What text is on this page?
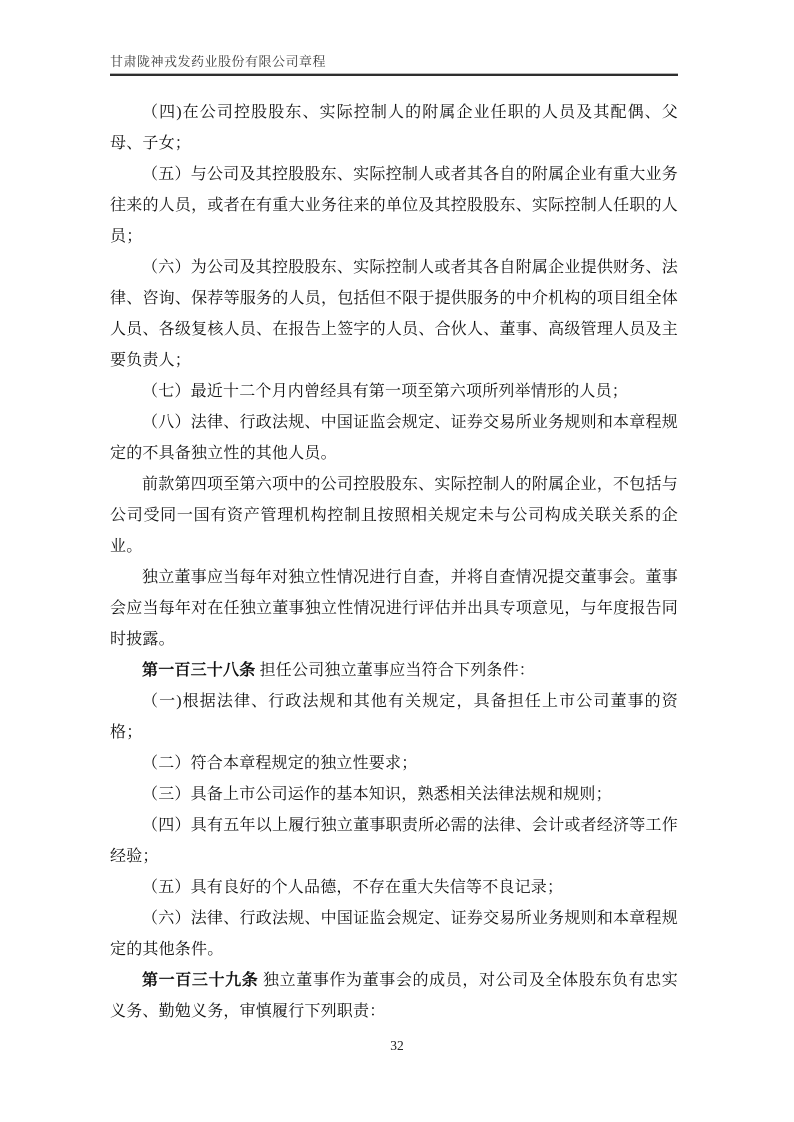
甘肃陇神戎发药业股份有限公司章程

（四)在公司控股股东、实际控制人的附属企业任职的人员及其配偶、父母、子女；

（五）与公司及其控股股东、实际控制人或者其各自的附属企业有重大业务往来的人员，或者在有重大业务往来的单位及其控股股东、实际控制人任职的人员；

（六）为公司及其控股股东、实际控制人或者其各自附属企业提供财务、法律、咨询、保荐等服务的人员，包括但不限于提供服务的中介机构的项目组全体人员、各级复核人员、在报告上签字的人员、合伙人、董事、高级管理人员及主要负责人；

（七）最近十二个月内曾经具有第一项至第六项所列举情形的人员；

（八）法律、行政法规、中国证监会规定、证券交易所业务规则和本章程规定的不具备独立性的其他人员。

前款第四项至第六项中的公司控股股东、实际控制人的附属企业，不包括与公司受同一国有资产管理机构控制且按照相关规定未与公司构成关联关系的企业。

独立董事应当每年对独立性情况进行自查，并将自查情况提交董事会。董事会应当每年对在任独立董事独立性情况进行评估并出具专项意见，与年度报告同时披露。

第一百三十八条 担任公司独立董事应当符合下列条件：

（一)根据法律、行政法规和其他有关规定，具备担任上市公司董事的资格；

（二）符合本章程规定的独立性要求；

（三）具备上市公司运作的基本知识，熟悉相关法律法规和规则；

（四）具有五年以上履行独立董事职责所必需的法律、会计或者经济等工作经验；

（五）具有良好的个人品德，不存在重大失信等不良记录；

（六）法律、行政法规、中国证监会规定、证券交易所业务规则和本章程规定的其他条件。

第一百三十九条 独立董事作为董事会的成员，对公司及全体股东负有忠实义务、勤勉义务，审慎履行下列职责：

32
